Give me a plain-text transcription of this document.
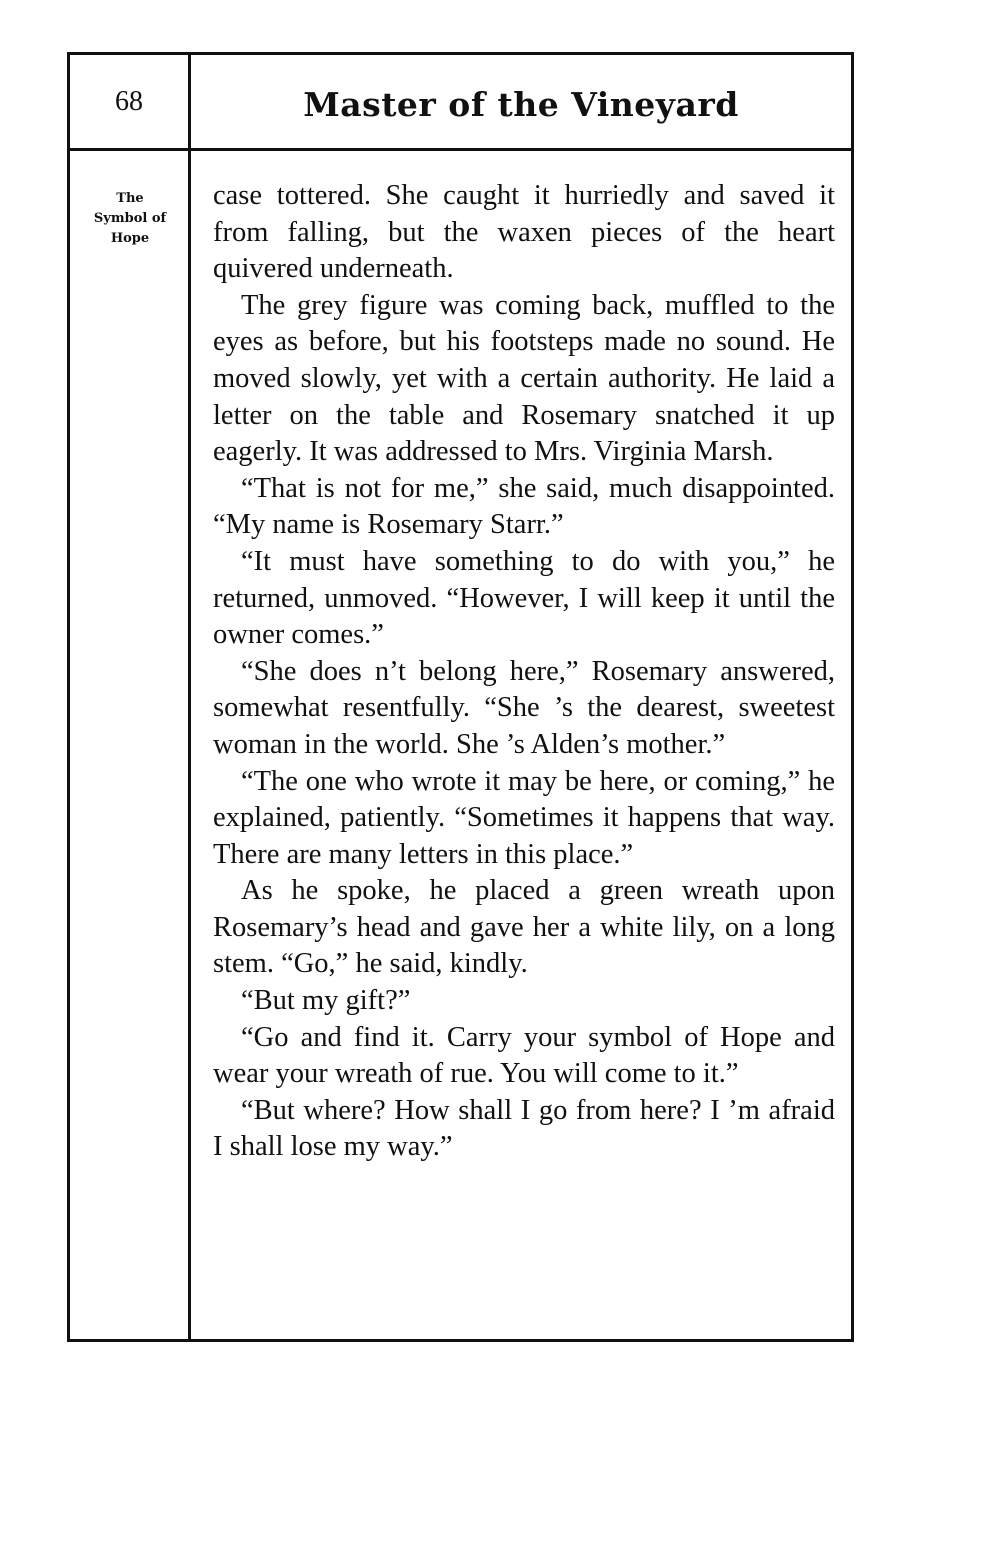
68	Master of the Vineyard
The
Symbol of
Hope

case tottered. She caught it hurriedly and saved it from falling, but the waxen pieces of the heart quivered underneath.

The grey figure was coming back, muffled to the eyes as before, but his footsteps made no sound. He moved slowly, yet with a certain authority. He laid a letter on the table and Rosemary snatched it up eagerly. It was addressed to Mrs. Virginia Marsh.

“That is not for me,” she said, much disappointed. “My name is Rosemary Starr.”

“It must have something to do with you,” he returned, unmoved. “However, I will keep it until the owner comes.”

“She does n’t belong here,” Rosemary answered, somewhat resentfully. “She ’s the dearest, sweetest woman in the world. She ’s Alden’s mother.”

“The one who wrote it may be here, or coming,” he explained, patiently. “Sometimes it happens that way. There are many letters in this place.”

As he spoke, he placed a green wreath upon Rosemary’s head and gave her a white lily, on a long stem. “Go,” he said, kindly.

“But my gift?”

“Go and find it. Carry your symbol of Hope and wear your wreath of rue. You will come to it.”

“But where? How shall I go from here? I ’m afraid I shall lose my way.”
